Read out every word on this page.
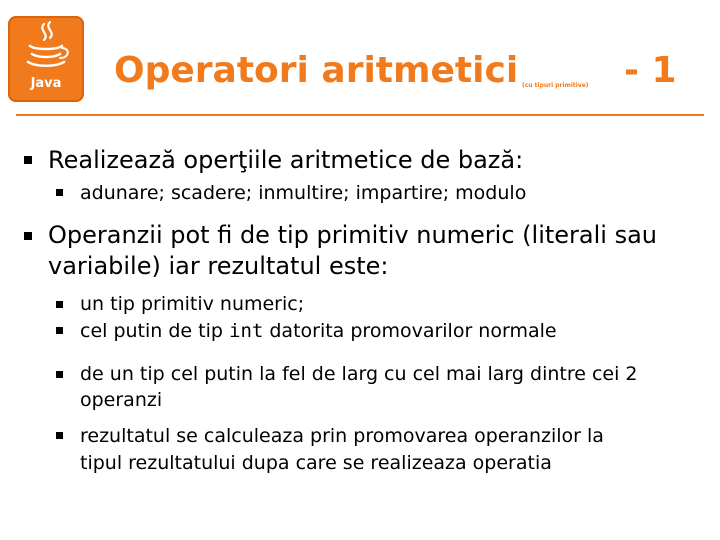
Java	Operatori aritmetici (cu tipuri primitive) - 1
Realizează operţiile aritmetice de bază:
adunare; scadere; inmultire; impartire; modulo
Operanzii pot fi de tip primitiv numeric (literali sau
variabile) iar rezultatul este:
un tip primitiv numeric;
cel putin de tip int datorita promovarilor normale
de un tip cel putin la fel de larg cu cel mai larg dintre cei 2
operanzi
rezultatul se calculeaza prin promovarea operanzilor la
tipul rezultatului dupa care se realizeaza operatia
